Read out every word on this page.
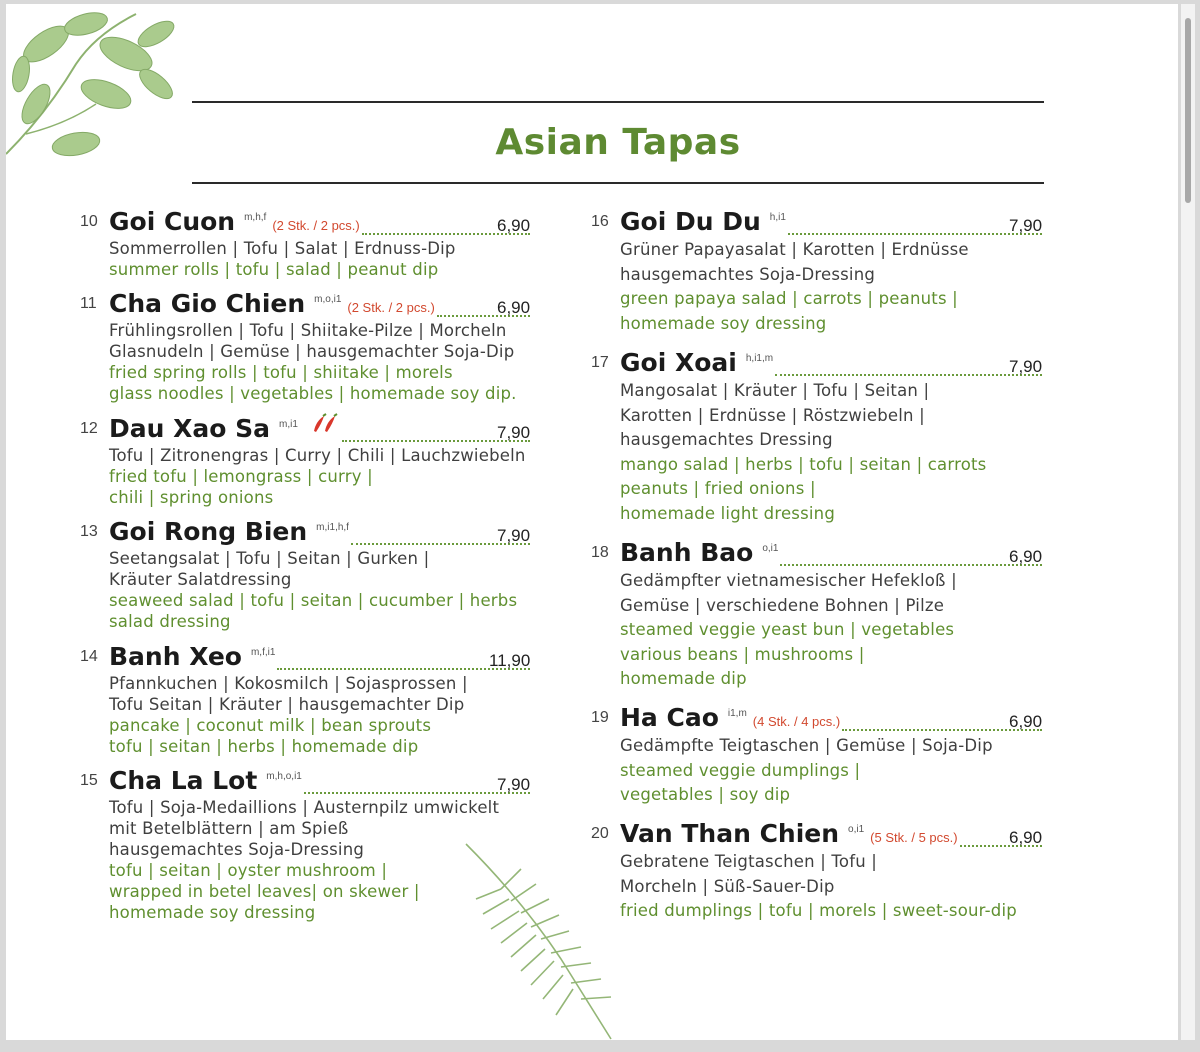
Asian Tapas
10 Goi Cuon m,h,f
(2 Stk. / 2 pcs.)	6,90
Sommerrollen | Tofu | Salat | Erdnuss-Dip
summer rolls | tofu | salad | peanut dip
11 Cha Gio Chien m,o,i1
(2 Stk. / 2 pcs.)	6,90
Frühlingsrollen | Tofu | Shiitake-Pilze | Morcheln
Glasnudeln | Gemüse | hausgemachter Soja-Dip
fried spring rolls | tofu | shiitake | morels
glass noodles | vegetables | homemade soy dip.
12 Dau Xao Sa m,i1	7,90
Tofu | Zitronengras | Curry | Chili | Lauchzwiebeln
fried tofu | lemongrass | curry |
chili | spring onions
13 Goi Rong Bien m,i1,h,f	7,90
Seetangsalat | Tofu | Seitan | Gurken |
Kräuter Salatdressing
seaweed salad | tofu | seitan | cucumber | herbs
salad dressing
14 Banh Xeo m,f,i1	11,90
Pfannkuchen | Kokosmilch | Sojasprossen |
Tofu Seitan | Kräuter | hausgemachter Dip
pancake | coconut milk | bean sprouts
tofu | seitan | herbs | homemade dip
15 Cha La Lot m,h,o,i1	7,90
Tofu | Soja-Medaillions | Austernpilz umwickelt
mit Betelblättern | am Spieß
hausgemachtes Soja-Dressing
tofu | seitan | oyster mushroom |
wrapped in betel leaves| on skewer |
homemade soy dressing
16 Goi Du Du h,i1	7,90
Grüner Papayasalat | Karotten | Erdnüsse
hausgemachtes Soja-Dressing
green papaya salad | carrots | peanuts |
homemade soy dressing
17 Goi Xoai h,i1,m	7,90
Mangosalat | Kräuter | Tofu | Seitan |
Karotten | Erdnüsse | Röstzwiebeln |
hausgemachtes Dressing
mango salad | herbs | tofu | seitan | carrots
peanuts | fried onions |
homemade light dressing
18 Banh Bao o,i1	6,90
Gedämpfter vietnamesischer Hefekloß |
Gemüse | verschiedene Bohnen | Pilze
steamed veggie yeast bun | vegetables
various beans | mushrooms |
homemade dip
19 Ha Cao i1,m
(4 Stk. / 4 pcs.)	6,90
Gedämpfte Teigtaschen | Gemüse | Soja-Dip
steamed veggie dumplings |
vegetables | soy dip
20 Van Than Chien o,i1
(5 Stk. / 5 pcs.)	6,90
Gebratene Teigtaschen | Tofu |
Morcheln | Süß-Sauer-Dip
fried dumplings | tofu | morels | sweet-sour-dip
